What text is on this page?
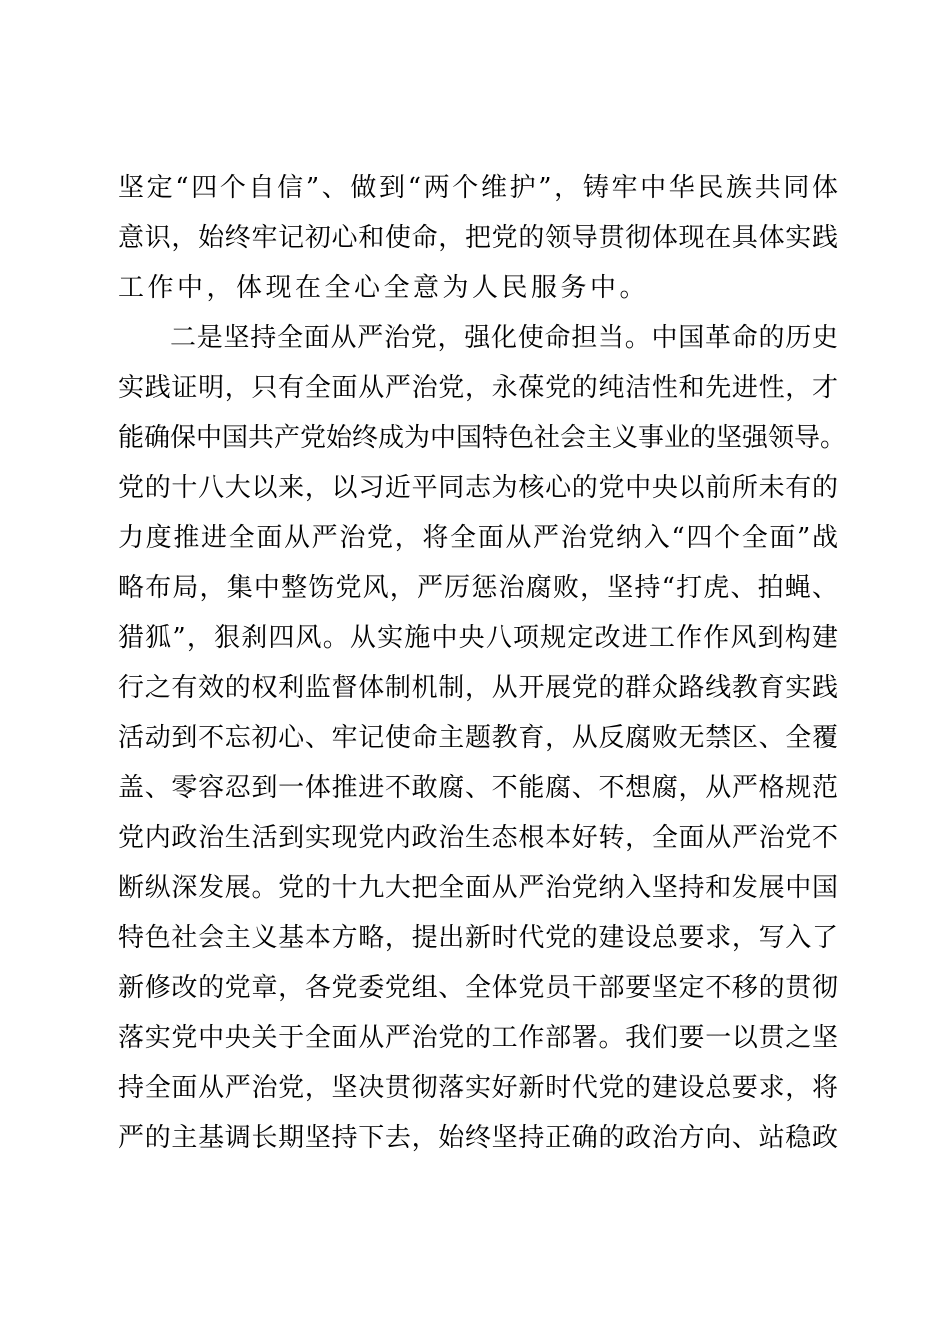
坚定“四个自信”、做到“两个维护”，铸牢中华民族共同体
意识，始终牢记初心和使命，把党的领导贯彻体现在具体实践
工作中，体现在全心全意为人民服务中。
二是坚持全面从严治党，强化使命担当。中国革命的历史
实践证明，只有全面从严治党，永葆党的纯洁性和先进性，才
能确保中国共产党始终成为中国特色社会主义事业的坚强领导。
党的十八大以来，以习近平同志为核心的党中央以前所未有的
力度推进全面从严治党，将全面从严治党纳入“四个全面”战
略布局，集中整饬党风，严厉惩治腐败，坚持“打虎、拍蝇、
猎狐”，狠刹四风。从实施中央八项规定改进工作作风到构建
行之有效的权利监督体制机制，从开展党的群众路线教育实践
活动到不忘初心、牢记使命主题教育，从反腐败无禁区、全覆
盖、零容忍到一体推进不敢腐、不能腐、不想腐，从严格规范
党内政治生活到实现党内政治生态根本好转，全面从严治党不
断纵深发展。党的十九大把全面从严治党纳入坚持和发展中国
特色社会主义基本方略，提出新时代党的建设总要求，写入了
新修改的党章，各党委党组、全体党员干部要坚定不移的贯彻
落实党中央关于全面从严治党的工作部署。我们要一以贯之坚
持全面从严治党，坚决贯彻落实好新时代党的建设总要求，将
严的主基调长期坚持下去，始终坚持正确的政治方向、站稳政
